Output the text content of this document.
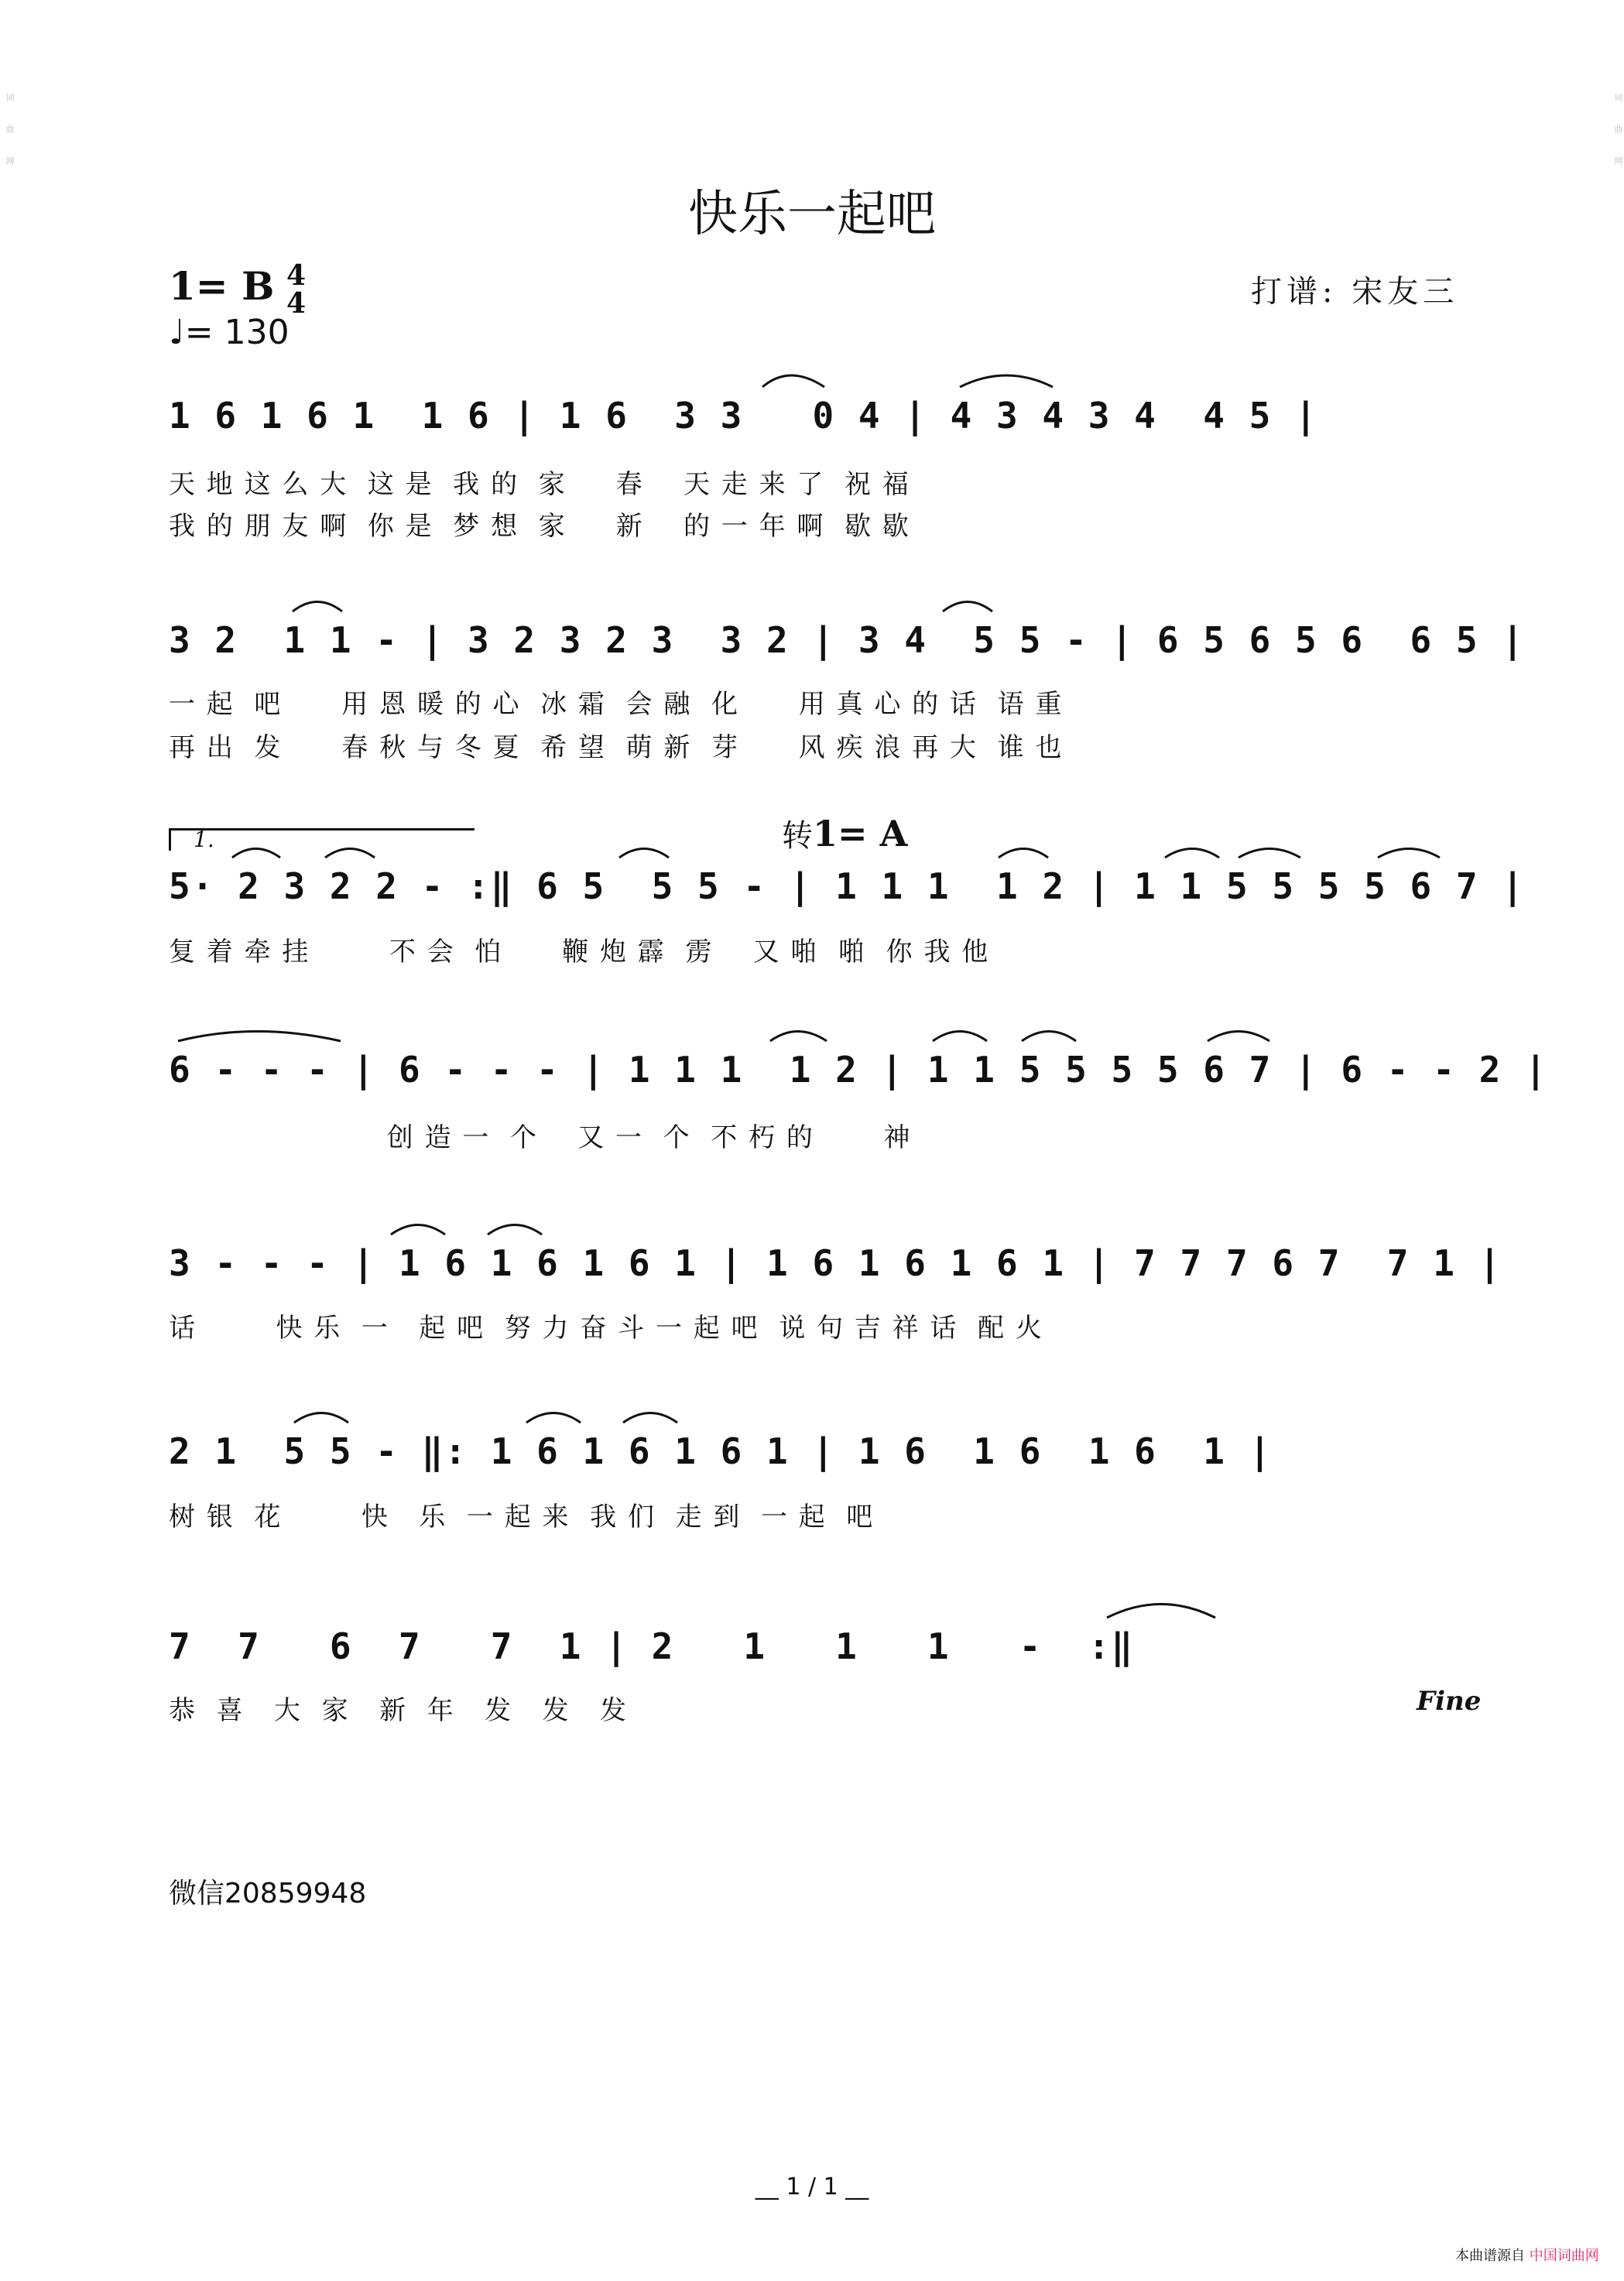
词曲网	词曲网
快乐一起吧
1= B 4
4
♩= 130
打谱: 宋友三
1 6 1 6 1  1 6 | 1 6  3 3   0 4 | 4 3 4 3 4  4 5 |
天 地 这 么 大  这 是  我 的  家     春    天 走 来 了  祝 福
我 的 朋 友 啊  你 是  梦 想  家     新    的 一 年 啊  歇 歇
3 2  1 1 - | 3 2 3 2 3  3 2 | 3 4  5 5 - | 6 5 6 5 6  6 5 |
一 起  吧      用 恩 暖 的 心  冰 霜  会 融  化      用 真 心 的 话  语 重
再 出  发      春 秋 与 冬 夏  希 望  萌 新  芽      风 疾 浪 再 大  谁 也
1.	转1= A
5· 2 3 2 2 - :‖ 6 5  5 5 - | 1 1 1  1 2 | 1 1 5 5 5 5 6 7 |
复 着 牵 挂        不 会  怕      鞭 炮 霹  雳    又 啪  啪  你 我 他
6 - - - | 6 - - - | 1 1 1  1 2 | 1 1 5 5 5 5 6 7 | 6 - - 2 |
创 造 一  个    又 一  个  不 朽 的       神
3 - - - | 1 6 1 6 1 6 1 | 1 6 1 6 1 6 1 | 7 7 7 6 7  7 1 |
话        快 乐  一   起 吧  努 力 奋 斗 一 起 吧  说 句 吉 祥 话  配 火
2 1  5 5 - ‖: 1 6 1 6 1 6 1 | 1 6  1 6  1 6  1 |
树 银  花        快   乐  一 起 来  我 们  走 到  一 起  吧
7  7   6  7   7  1 | 2   1   1   1   -  :‖
恭  喜   大  家   新  年   发   发   发	Fine
微信20859948
__ 1 / 1 __
本曲谱源自 中国词曲网
